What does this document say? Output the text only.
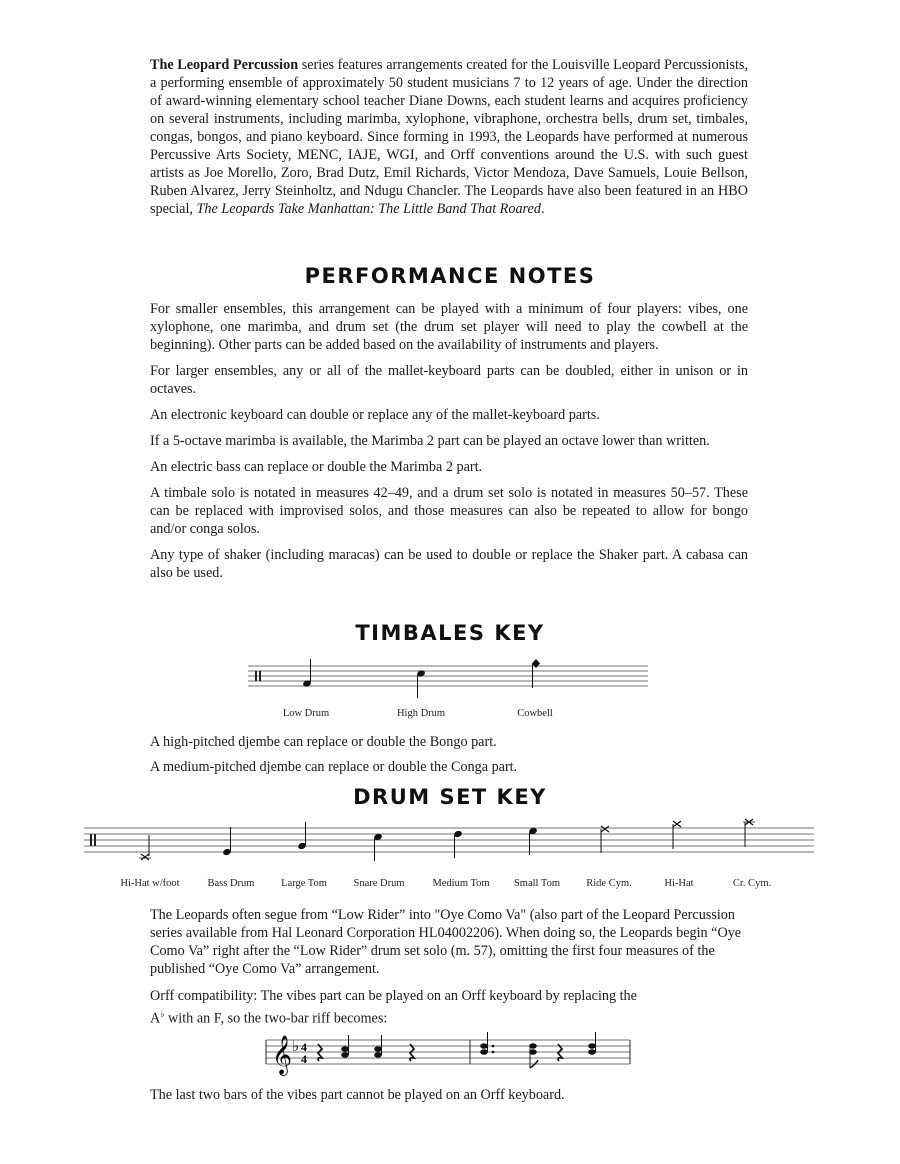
The Leopard Percussion series features arrangements created for the Louisville Leopard Percussionists, a performing ensemble of approximately 50 student musicians 7 to 12 years of age. Under the direction of award-winning elementary school teacher Diane Downs, each student learns and acquires proficiency on several instruments, including marimba, xylophone, vibraphone, orchestra bells, drum set, timbales, congas, bongos, and piano keyboard. Since forming in 1993, the Leopards have performed at numerous Percussive Arts Society, MENC, IAJE, WGI, and Orff conventions around the U.S. with such guest artists as Joe Morello, Zoro, Brad Dutz, Emil Richards, Victor Mendoza, Dave Samuels, Louie Bellson, Ruben Alvarez, Jerry Steinholtz, and Ndugu Chancler. The Leopards have also been featured in an HBO special, The Leopards Take Manhattan: The Little Band That Roared.

PERFORMANCE NOTES

For smaller ensembles, this arrangement can be played with a minimum of four players: vibes, one xylophone, one marimba, and drum set (the drum set player will need to play the cowbell at the beginning). Other parts can be added based on the availability of instruments and players.

For larger ensembles, any or all of the mallet-keyboard parts can be doubled, either in unison or in octaves.

An electronic keyboard can double or replace any of the mallet-keyboard parts.

If a 5-octave marimba is available, the Marimba 2 part can be played an octave lower than written.

An electric bass can replace or double the Marimba 2 part.

A timbale solo is notated in measures 42–49, and a drum set solo is notated in measures 50–57. These can be replaced with improvised solos, and those measures can also be repeated to allow for bongo and/or conga solos.

Any type of shaker (including maracas) can be used to double or replace the Shaker part. A cabasa can also be used.

TIMBALES KEY
Low Drum	High Drum	Cowbell

A high-pitched djembe can replace or double the Bongo part.

A medium-pitched djembe can replace or double the Conga part.

DRUM SET KEY
Hi-Hat w/foot	Bass Drum	Large Tom	Snare Drum	Medium Tom Small Tom Ride Cym.	Hi-Hat	Cr. Cym.

The Leopards often segue from “Low Rider” into "Oye Como Va" (also part of the Leopard Percussion series available from Hal Leonard Corporation HL04002206). When doing so, the Leopards begin “Oye Como Va” right after the “Low Rider” drum set solo (m. 57), omitting the first four measures of the published “Oye Como Va” arrangement.

Orff compatibility: The vibes part can be played on an Orff keyboard by replacing the
A♭ with an F, so the two-bar riff becomes:

𝄞 ♭ 4
4

The last two bars of the vibes part cannot be played on an Orff keyboard.
